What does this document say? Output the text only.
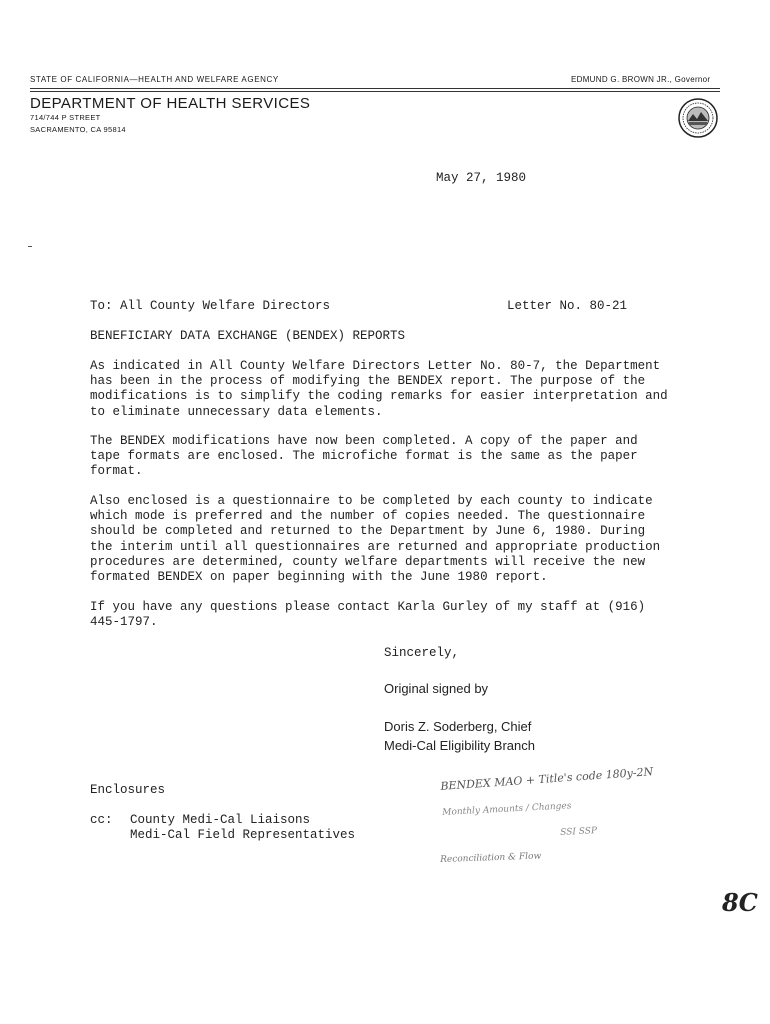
STATE OF CALIFORNIA—HEALTH AND WELFARE AGENCY	EDMUND G. BROWN JR., Governor
DEPARTMENT OF HEALTH SERVICES
714/744 P STREET
SACRAMENTO, CA 95814
May 27, 1980
To: All County Welfare Directors	Letter No. 80-21
BENEFICIARY DATA EXCHANGE (BENDEX) REPORTS
As indicated in All County Welfare Directors Letter No. 80-7, the Department
has been in the process of modifying the BENDEX report. The purpose of the
modifications is to simplify the coding remarks for easier interpretation and
to eliminate unnecessary data elements.
The BENDEX modifications have now been completed. A copy of the paper and
tape formats are enclosed. The microfiche format is the same as the paper
format.
Also enclosed is a questionnaire to be completed by each county to indicate
which mode is preferred and the number of copies needed. The questionnaire
should be completed and returned to the Department by June 6, 1980. During
the interim until all questionnaires are returned and appropriate production
procedures are determined, county welfare departments will receive the new
formated BENDEX on paper beginning with the June 1980 report.
If you have any questions please contact Karla Gurley of my staff at (916)
445-1797.
Sincerely,
Original signed by
Doris Z. Soderberg, Chief
Medi-Cal Eligibility Branch
Enclosures
cc: County Medi-Cal Liaisons
Medi-Cal Field Representatives
BENDEX MAO + Title's code 180y-2N
Monthly Amounts / Changes
SSI SSP
Reconciliation & Flow
8C
